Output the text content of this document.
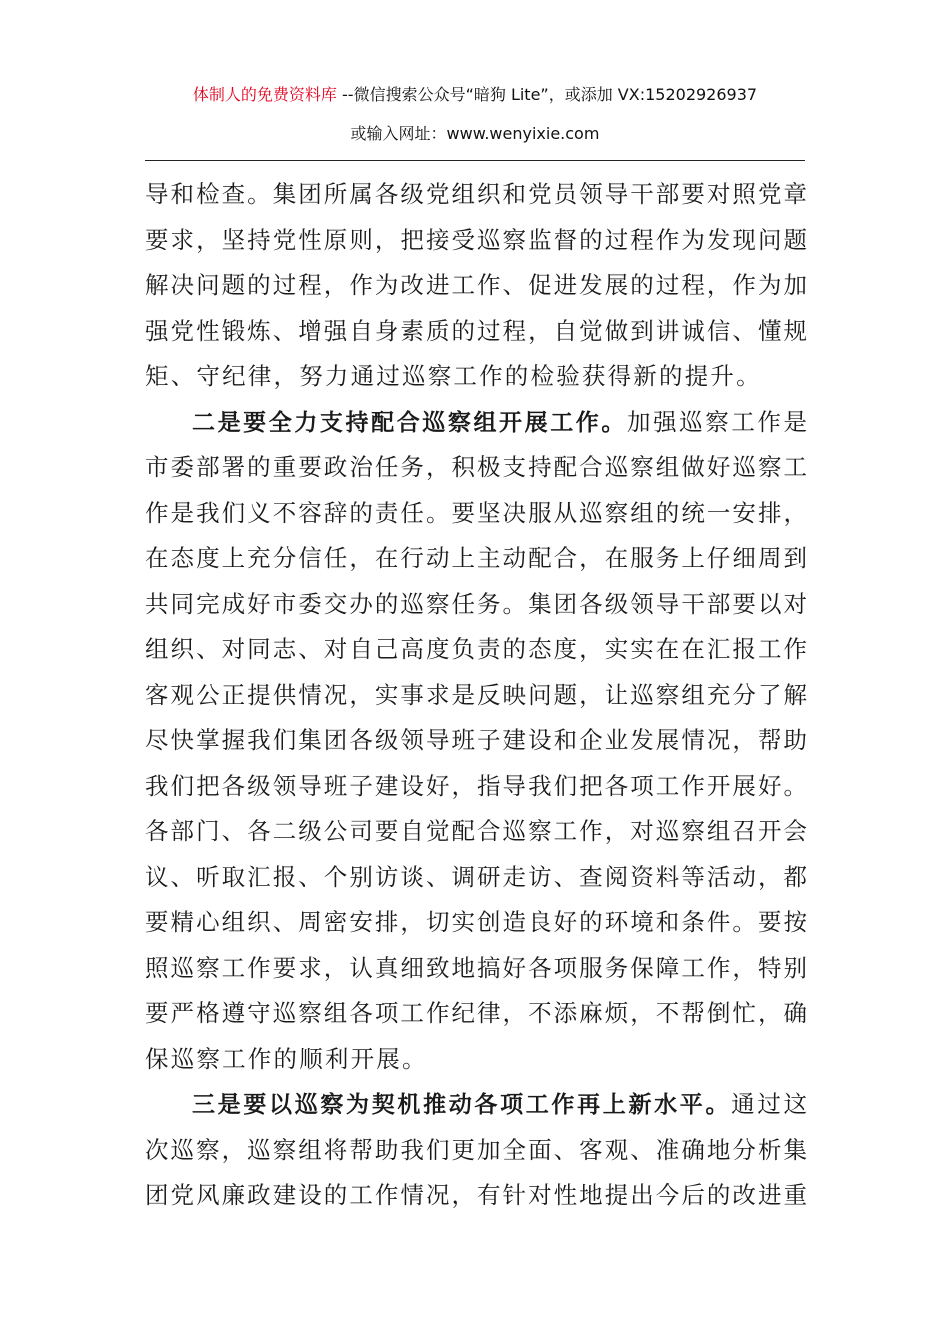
体制人的免费资料库 --微信搜索公众号“暗狗 Lite”，或添加 VX:15202926937
或输入网址：www.wenyixie.com
导和检查。集团所属各级党组织和党员领导干部要对照党章
要求，坚持党性原则，把接受巡察监督的过程作为发现问题
解决问题的过程，作为改进工作、促进发展的过程，作为加
强党性锻炼、增强自身素质的过程，自觉做到讲诚信、懂规
矩、守纪律，努力通过巡察工作的检验获得新的提升。
二是要全力支持配合巡察组开展工作。加强巡察工作是
市委部署的重要政治任务，积极支持配合巡察组做好巡察工
作是我们义不容辞的责任。要坚决服从巡察组的统一安排，
在态度上充分信任，在行动上主动配合，在服务上仔细周到
共同完成好市委交办的巡察任务。集团各级领导干部要以对
组织、对同志、对自己高度负责的态度，实实在在汇报工作
客观公正提供情况，实事求是反映问题，让巡察组充分了解
尽快掌握我们集团各级领导班子建设和企业发展情况，帮助
我们把各级领导班子建设好，指导我们把各项工作开展好。
各部门、各二级公司要自觉配合巡察工作，对巡察组召开会
议、听取汇报、个别访谈、调研走访、查阅资料等活动，都
要精心组织、周密安排，切实创造良好的环境和条件。要按
照巡察工作要求，认真细致地搞好各项服务保障工作，特别
要严格遵守巡察组各项工作纪律，不添麻烦，不帮倒忙，确
保巡察工作的顺利开展。
三是要以巡察为契机推动各项工作再上新水平。通过这
次巡察，巡察组将帮助我们更加全面、客观、准确地分析集
团党风廉政建设的工作情况，有针对性地提出今后的改进重
